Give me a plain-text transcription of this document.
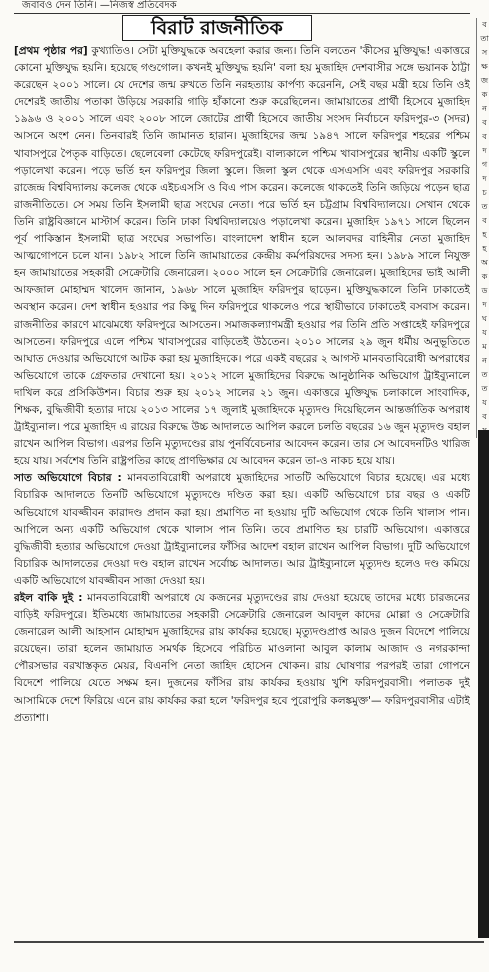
জবাবও দেন তিনি। —নিজস্ব প্রতিবেদক
বিরাট রাজনীতিক

[প্রথম পৃষ্ঠার পর] কুখ্যাতিও। সেটা মুক্তিযুদ্ধকে অবহেলা করার জন্য। তিনি বলতেন 'কীসের মুক্তিযুদ্ধ! একাত্তরে কোনো মুক্তিযুদ্ধ হয়নি। হয়েছে গণ্ডগোল। কখনই মুক্তিযুদ্ধ হয়নি' বলা হয় মুজাহিদ দেশবাসীর সঙ্গে ভয়ানক ঠাট্টা করেছেন ২০০১ সালে। যে দেশের জন্ম রুখতে তিনি নরহত্যায় কার্পণ্য করেননি, সেই বছর মন্ত্রী হয়ে তিনি ওই দেশেরই জাতীয় পতাকা উড়িয়ে সরকারি গাড়ি হাঁকানো শুরু করেছিলেন। জামায়াতের প্রার্থী হিসেবে মুজাহিদ ১৯৯৬ ও ২০০১ সালে এবং ২০০৮ সালে জোটের প্রার্থী হিসেবে জাতীয় সংসদ নির্বাচনে ফরিদপুর-৩ (সদর) আসনে অংশ নেন। তিনবারই তিনি জামানত হারান। মুজাহিদের জন্ম ১৯৪৭ সালে ফরিদপুর শহরের পশ্চিম খাবাসপুরে পৈতৃক বাড়িতে। ছেলেবেলা কেটেছে ফরিদপুরেই। বাল্যকালে পশ্চিম খাবাসপুরের স্থানীয় একটি স্কুলে পড়ালেখা করেন। পড়ে ভর্তি হন ফরিদপুর জিলা স্কুলে। জিলা স্কুল থেকে এসএসসি এবং ফরিদপুর সরকারি রাজেন্দ্র বিশ্ববিদ্যালয় কলেজ থেকে এইচএসসি ও বিএ পাস করেন। কলেজে থাকতেই তিনি জড়িয়ে পড়েন ছাত্র রাজনীতিতে। সে সময় তিনি ইসলামী ছাত্র সংঘের নেতা। পরে ভর্তি হন চট্টগ্রাম বিশ্ববিদ্যালয়ে। সেখান থেকে তিনি রাষ্ট্রবিজ্ঞানে মাস্টার্স করেন। তিনি ঢাকা বিশ্ববিদ্যালয়েও পড়ালেখা করেন। মুজাহিদ ১৯৭১ সালে ছিলেন পূর্ব পাকিস্তান ইসলামী ছাত্র সংঘের সভাপতি। বাংলাদেশ স্বাধীন হলে আলবদর বাহিনীর নেতা মুজাহিদ আত্মগোপনে চলে যান। ১৯৮২ সালে তিনি জামায়াতের কেন্দ্রীয় কর্মপরিষদের সদস্য হন। ১৯৮৯ সালে নিযুক্ত হন জামায়াতের সহকারী সেক্রেটারি জেনারেল। ২০০০ সালে হন সেক্রেটারি জেনারেল। মুজাহিদের ভাই আলী আফজাল মোহাম্মদ খালেদ জানান, ১৯৬৮ সালে মুজাহিদ ফরিদপুর ছাড়েন। মুক্তিযুদ্ধকালে তিনি ঢাকাতেই অবস্থান করেন। দেশ স্বাধীন হওয়ার পর কিছু দিন ফরিদপুরে থাকলেও পরে স্থায়ীভাবে ঢাকাতেই বসবাস করেন। রাজনীতির কারণে মাঝেমধ্যে ফরিদপুরে আসতেন। সমাজকল্যাণমন্ত্রী হওয়ার পর তিনি প্রতি সপ্তাহেই ফরিদপুরে আসতেন। ফরিদপুরে এলে পশ্চিম খাবাসপুরের বাড়িতেই উঠতেন। ২০১০ সালের ২৯ জুন ধর্মীয় অনুভূতিতে আঘাত দেওয়ার অভিযোগে আটক করা হয় মুজাহিদকে। পরে একই বছরের ২ আগস্ট মানবতাবিরোধী অপরাধের অভিযোগে তাকে গ্রেফতার দেখানো হয়। ২০১২ সালে মুজাহিদের বিরুদ্ধে আনুষ্ঠানিক অভিযোগ ট্রাইব্যুনালে দাখিল করে প্রসিকিউশন। বিচার শুরু হয় ২০১২ সালের ২১ জুন। একাত্তরে মুক্তিযুদ্ধ চলাকালে সাংবাদিক, শিক্ষক, বুদ্ধিজীবী হত্যার দায়ে ২০১৩ সালের ১৭ জুলাই মুজাহিদকে মৃত্যুদণ্ড দিয়েছিলেন আন্তর্জাতিক অপরাধ ট্রাইব্যুনাল। পরে মুজাহিদ এ রায়ের বিরুদ্ধে উচ্চ আদালতে আপিল করলে চলতি বছরের ১৬ জুন মৃত্যুদণ্ড বহাল রাখেন আপিল বিভাগ। এরপর তিনি মৃত্যুদণ্ডের রায় পুনর্বিবেচনার আবেদন করেন। তার সে আবেদনটিও খারিজ হয়ে যায়। সর্বশেষ তিনি রাষ্ট্রপতির কাছে প্রাণভিক্ষার যে আবেদন করেন তা-ও নাকচ হয়ে যায়।

সাত অভিযোগে বিচার : মানবতাবিরোধী অপরাধে মুজাহিদের সাতটি অভিযোগে বিচার হয়েছে। এর মধ্যে বিচারিক আদালতে তিনটি অভিযোগে মৃত্যুদণ্ডে দণ্ডিত করা হয়। একটি অভিযোগে চার বছর ও একটি অভিযোগে যাবজ্জীবন কারাদণ্ড প্রদান করা হয়। প্রমাণিত না হওয়ায় দুটি অভিযোগ থেকে তিনি খালাস পান। আপিলে অন্য একটি অভিযোগ থেকে খালাস পান তিনি। তবে প্রমাণিত হয় চারটি অভিযোগ। একাত্তরে বুদ্ধিজীবী হত্যার অভিযোগে দেওয়া ট্রাইব্যুনালের ফাঁসির আদেশ বহাল রাখেন আপিল বিভাগ। দুটি অভিযোগে বিচারিক আদালতের দেওয়া দণ্ড বহাল রাখেন সর্বোচ্চ আদালত। আর ট্রাইব্যুনালে মৃত্যুদণ্ড হলেও দণ্ড কমিয়ে একটি অভিযোগে যাবজ্জীবন সাজা দেওয়া হয়।

রইল বাকি দুই : মানবতাবিরোধী অপরাধে যে কজনের মৃত্যুদণ্ডের রায় দেওয়া হয়েছে তাদের মধ্যে চারজনের বাড়িই ফরিদপুরে। ইতিমধ্যে জামায়াতের সহকারী সেক্রেটারি জেনারেল আবদুল কাদের মোল্লা ও সেক্রেটারি জেনারেল আলী আহসান মোহাম্মদ মুজাহিদের রায় কার্যকর হয়েছে। মৃত্যুদণ্ডপ্রাপ্ত আরও দুজন বিদেশে পালিয়ে রয়েছেন। তারা হলেন জামায়াত সমর্থক হিসেবে পরিচিত মাওলানা আবুল কালাম আজাদ ও নগরকান্দা পৌরসভার বরখাস্তকৃত মেয়র, বিএনপি নেতা জাহিদ হোসেন খোকন। রায় ঘোষণার পরপরই তারা গোপনে বিদেশে পালিয়ে যেতে সক্ষম হন। দুজনের ফাঁসির রায় কার্যকর হওয়ায় খুশি ফরিদপুরবাসী। পলাতক দুই আসামিকে দেশে ফিরিয়ে এনে রায় কার্যকর করা হলে 'ফরিদপুর হবে পুরোপুরি কলঙ্কমুক্ত'— ফরিদপুরবাসীর এটাই প্রত্যাশা।

ব
তা
স
ক্ষ
জ
ক
ন
ব
ব
দ
গ
দ
চ
ত
ব
হ
হ
অ
ক
ড
দ
ঘ
য
ম
ন
ত
ত
য
ব
